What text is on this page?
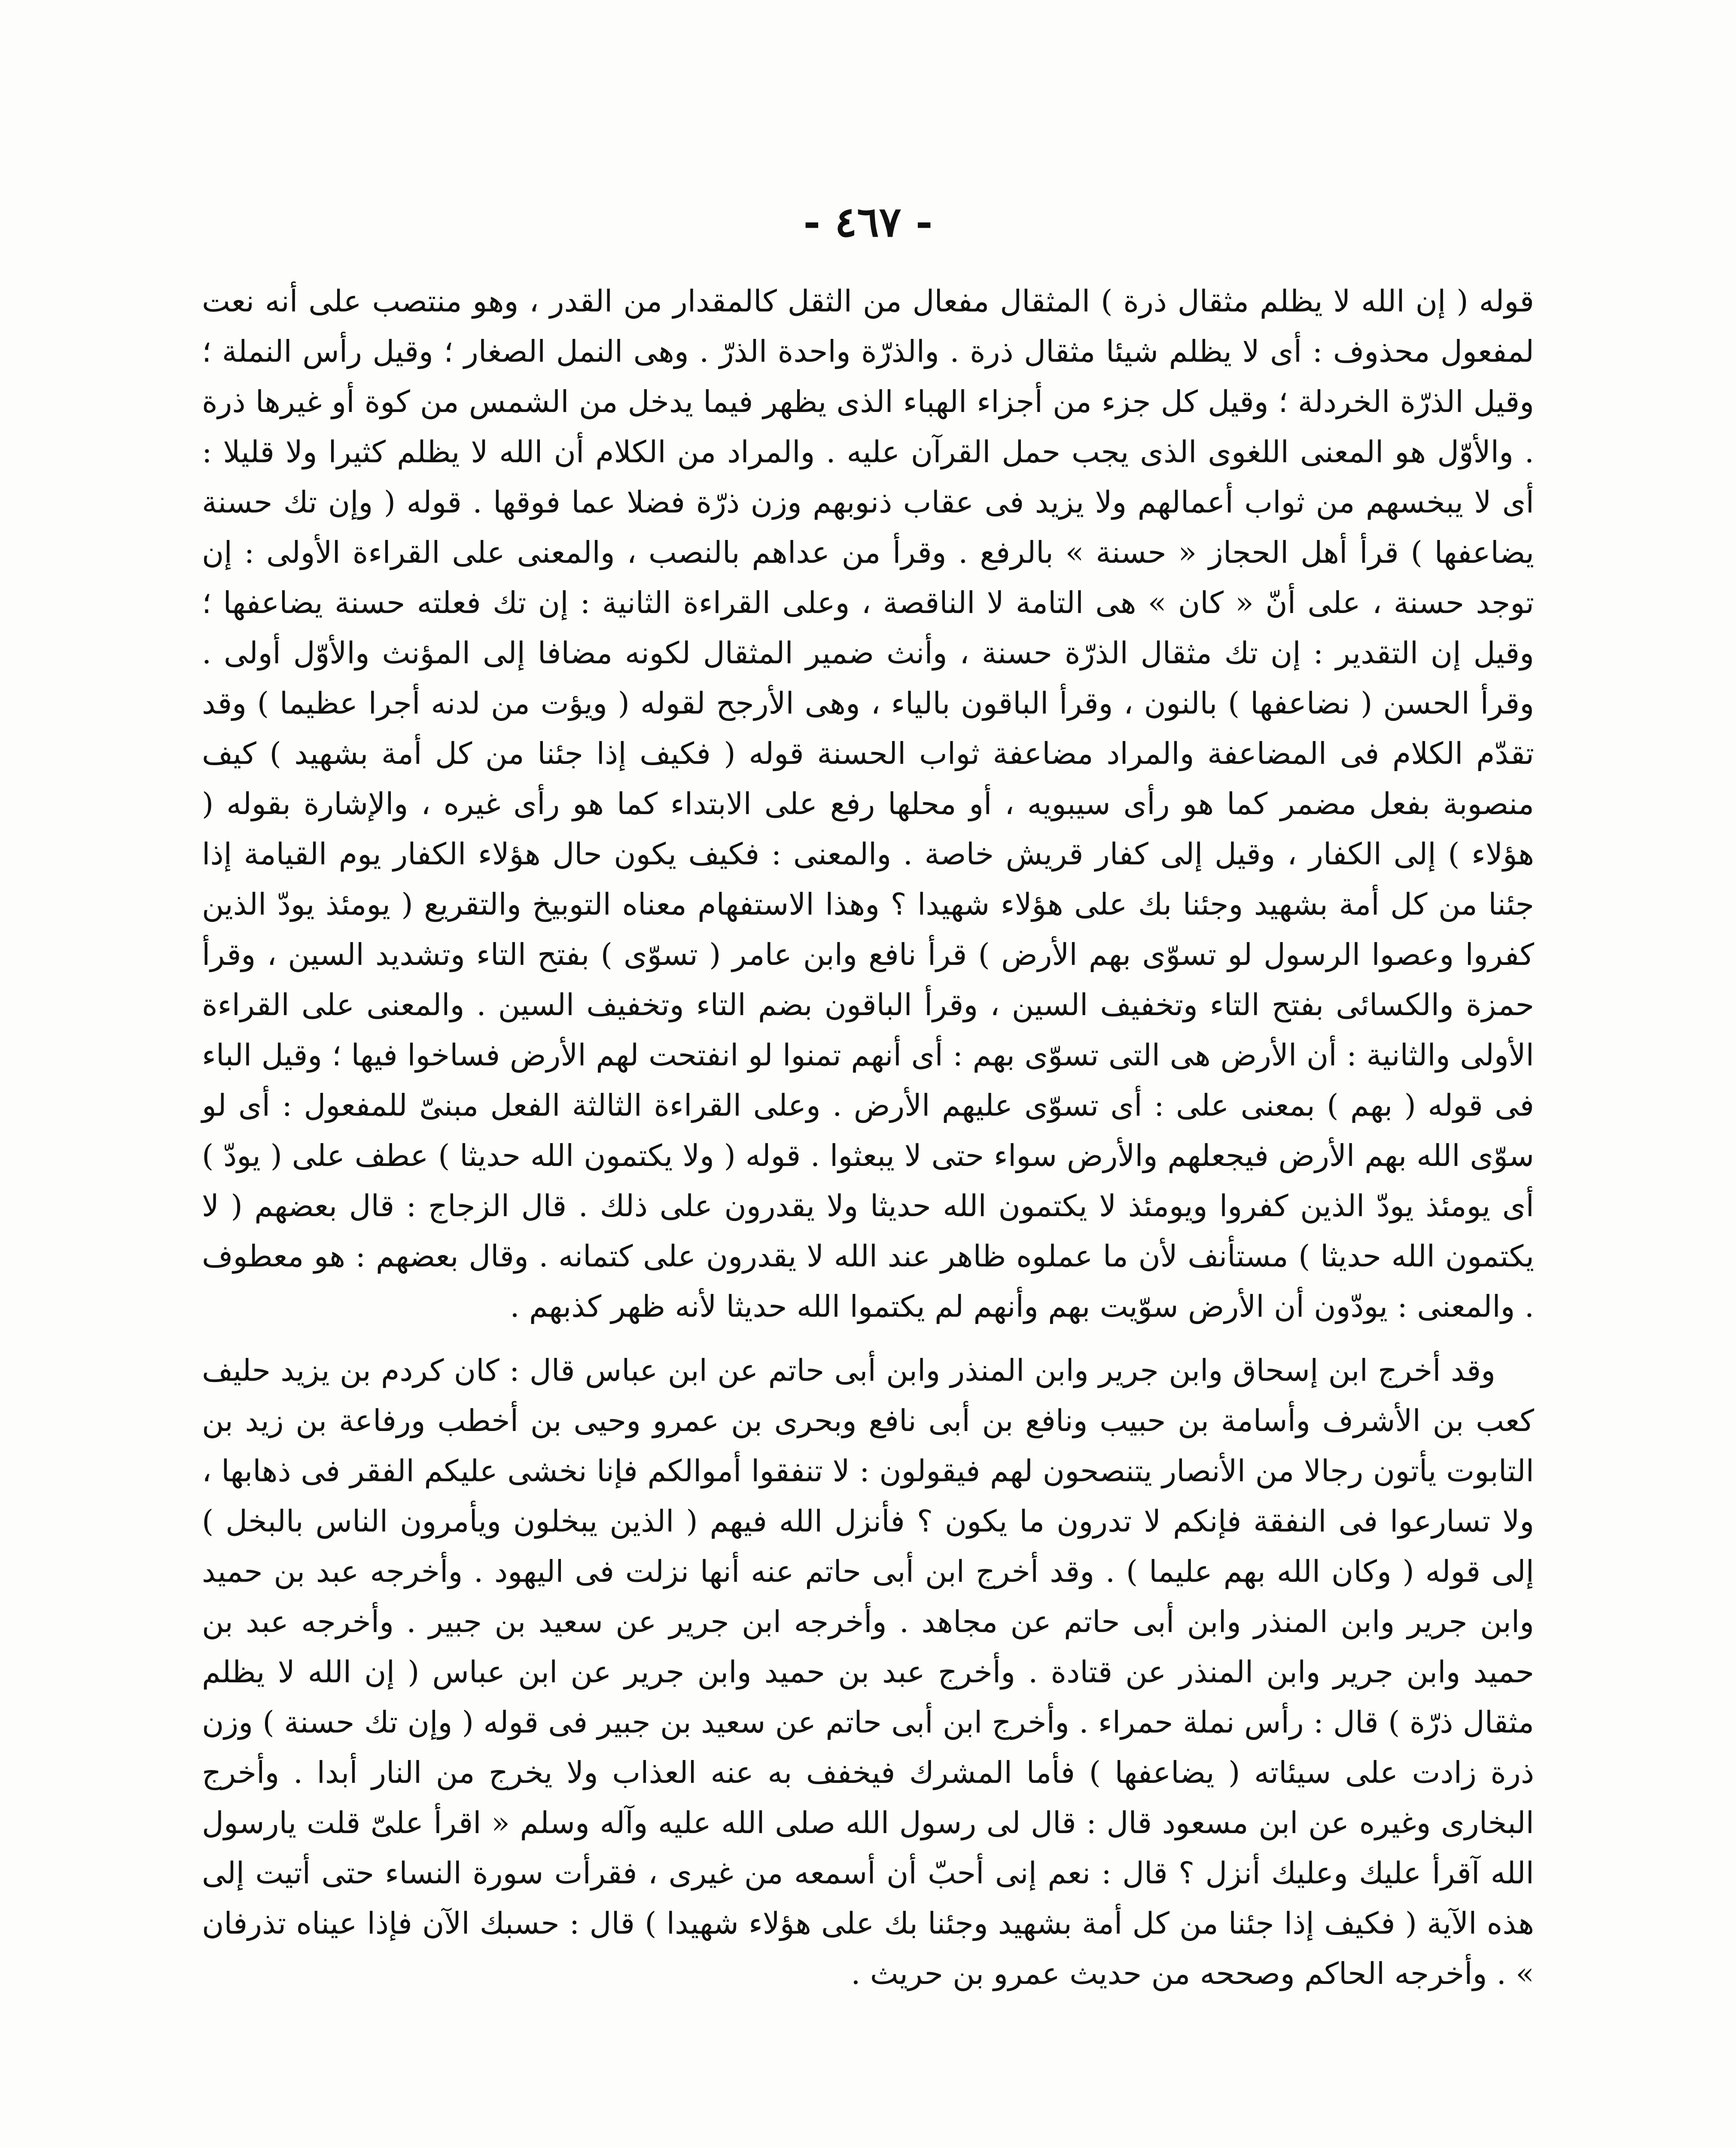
- ٤٦٧ -

قوله ( إن الله لا يظلم مثقال ذرة ) المثقال مفعال من الثقل كالمقدار من القدر ، وهو منتصب على أنه نعت لمفعول محذوف : أى لا يظلم شيئا مثقال ذرة . والذرّة واحدة الذرّ . وهى النمل الصغار ؛ وقيل رأس النملة ؛ وقيل الذرّة الخردلة ؛ وقيل كل جزء من أجزاء الهباء الذى يظهر فيما يدخل من الشمس من كوة أو غيرها ذرة . والأوّل هو المعنى اللغوى الذى يجب حمل القرآن عليه . والمراد من الكلام أن الله لا يظلم كثيرا ولا قليلا : أى لا يبخسهم من ثواب أعمالهم ولا يزيد فى عقاب ذنوبهم وزن ذرّة فضلا عما فوقها . قوله ( وإن تك حسنة يضاعفها ) قرأ أهل الحجاز « حسنة » بالرفع . وقرأ من عداهم بالنصب ، والمعنى على القراءة الأولى : إن توجد حسنة ، على أنّ « كان » هى التامة لا الناقصة ، وعلى القراءة الثانية : إن تك فعلته حسنة يضاعفها ؛ وقيل إن التقدير : إن تك مثقال الذرّة حسنة ، وأنث ضمير المثقال لكونه مضافا إلى المؤنث والأوّل أولى . وقرأ الحسن ( نضاعفها ) بالنون ، وقرأ الباقون بالياء ، وهى الأرجح لقوله ( ويؤت من لدنه أجرا عظيما ) وقد تقدّم الكلام فى المضاعفة والمراد مضاعفة ثواب الحسنة قوله ( فكيف إذا جئنا من كل أمة بشهيد ) كيف منصوبة بفعل مضمر كما هو رأى سيبويه ، أو محلها رفع على الابتداء كما هو رأى غيره ، والإشارة بقوله ( هؤلاء ) إلى الكفار ، وقيل إلى كفار قريش خاصة . والمعنى : فكيف يكون حال هؤلاء الكفار يوم القيامة إذا جئنا من كل أمة بشهيد وجئنا بك على هؤلاء شهيدا ؟ وهذا الاستفهام معناه التوبيخ والتقريع ( يومئذ يودّ الذين كفروا وعصوا الرسول لو تسوّى بهم الأرض ) قرأ نافع وابن عامر ( تسوّى ) بفتح التاء وتشديد السين ، وقرأ حمزة والكسائى بفتح التاء وتخفيف السين ، وقرأ الباقون بضم التاء وتخفيف السين . والمعنى على القراءة الأولى والثانية : أن الأرض هى التى تسوّى بهم : أى أنهم تمنوا لو انفتحت لهم الأرض فساخوا فيها ؛ وقيل الباء فى قوله ( بهم ) بمعنى على : أى تسوّى عليهم الأرض . وعلى القراءة الثالثة الفعل مبنىّ للمفعول : أى لو سوّى الله بهم الأرض فيجعلهم والأرض سواء حتى لا يبعثوا . قوله ( ولا يكتمون الله حديثا ) عطف على ( يودّ ) أى يومئذ يودّ الذين كفروا ويومئذ لا يكتمون الله حديثا ولا يقدرون على ذلك . قال الزجاج : قال بعضهم ( لا يكتمون الله حديثا ) مستأنف لأن ما عملوه ظاهر عند الله لا يقدرون على كتمانه . وقال بعضهم : هو معطوف . والمعنى : يودّون أن الأرض سوّيت بهم وأنهم لم يكتموا الله حديثا لأنه ظهر كذبهم .

وقد أخرج ابن إسحاق وابن جرير وابن المنذر وابن أبى حاتم عن ابن عباس قال : كان كردم بن يزيد حليف كعب بن الأشرف وأسامة بن حبيب ونافع بن أبى نافع وبحرى بن عمرو وحيى بن أخطب ورفاعة بن زيد بن التابوت يأتون رجالا من الأنصار يتنصحون لهم فيقولون : لا تنفقوا أموالكم فإنا نخشى عليكم الفقر فى ذهابها ، ولا تسارعوا فى النفقة فإنكم لا تدرون ما يكون ؟ فأنزل الله فيهم ( الذين يبخلون ويأمرون الناس بالبخل ) إلى قوله ( وكان الله بهم عليما ) . وقد أخرج ابن أبى حاتم عنه أنها نزلت فى اليهود . وأخرجه عبد بن حميد وابن جرير وابن المنذر وابن أبى حاتم عن مجاهد . وأخرجه ابن جرير عن سعيد بن جبير . وأخرجه عبد بن حميد وابن جرير وابن المنذر عن قتادة . وأخرج عبد بن حميد وابن جرير عن ابن عباس ( إن الله لا يظلم مثقال ذرّة ) قال : رأس نملة حمراء . وأخرج ابن أبى حاتم عن سعيد بن جبير فى قوله ( وإن تك حسنة ) وزن ذرة زادت على سيئاته ( يضاعفها ) فأما المشرك فيخفف به عنه العذاب ولا يخرج من النار أبدا . وأخرج البخارى وغيره عن ابن مسعود قال : قال لى رسول الله صلى الله عليه وآله وسلم « اقرأ علىّ قلت يارسول الله آقرأ عليك وعليك أنزل ؟ قال : نعم إنى أحبّ أن أسمعه من غيرى ، فقرأت سورة النساء حتى أتيت إلى هذه الآية ( فكيف إذا جئنا من كل أمة بشهيد وجئنا بك على هؤلاء شهيدا ) قال : حسبك الآن فإذا عيناه تذرفان » . وأخرجه الحاكم وصححه من حديث عمرو بن حريث .
